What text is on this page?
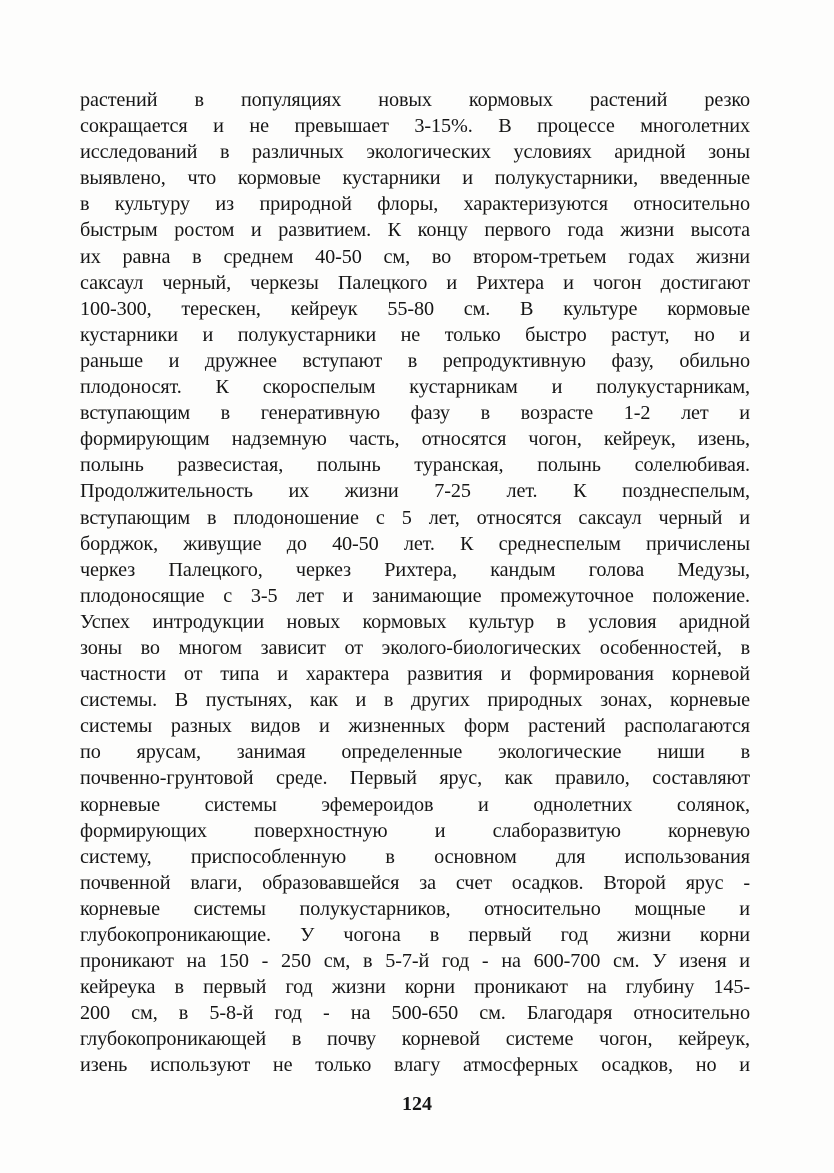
растений в популяциях новых кормовых растений резко
сокращается и не превышает 3-15%. В процессе многолетних
исследований в различных экологических условиях аридной зоны
выявлено, что кормовые кустарники и полукустарники, введенные
в культуру из природной флоры, характеризуются относительно
быстрым ростом и развитием. К концу первого года жизни высота
их равна в среднем 40-50 см, во втором-третьем годах жизни
саксаул черный, черкезы Палецкого и Рихтера и чогон достигают
100-300, терескен, кейреук 55-80 см. В культуре кормовые
кустарники и полукустарники не только быстро растут, но и
раньше и дружнее вступают в репродуктивную фазу, обильно
плодоносят. К скороспелым кустарникам и полукустарникам,
вступающим в генеративную фазу в возрасте 1-2 лет и
формирующим надземную часть, относятся чогон, кейреук, изень,
полынь развесистая, полынь туранская, полынь солелюбивая.
Продолжительность их жизни 7-25 лет. К позднеспелым,
вступающим в плодоношение с 5 лет, относятся саксаул черный и
борджок, живущие до 40-50 лет. К среднеспелым причислены
черкез Палецкого, черкез Рихтера, кандым голова Медузы,
плодоносящие с 3-5 лет и занимающие промежуточное положение.
Успех интродукции новых кормовых культур в условия аридной
зоны во многом зависит от эколого-биологических особенностей, в
частности от типа и характера развития и формирования корневой
системы. В пустынях, как и в других природных зонах, корневые
системы разных видов и жизненных форм растений располагаются
по ярусам, занимая определенные экологические ниши в
почвенно-грунтовой среде. Первый ярус, как правило, составляют
корневые системы эфемероидов и однолетних солянок,
формирующих поверхностную и слаборазвитую корневую
систему, приспособленную в основном для использования
почвенной влаги, образовавшейся за счет осадков. Второй ярус -
корневые системы полукустарников, относительно мощные и
глубокопроникающие. У чогона в первый год жизни корни
проникают на 150 - 250 см, в 5-7-й год - на 600-700 см. У изеня и
кейреука в первый год жизни корни проникают на глубину 145-
200 см, в 5-8-й год - на 500-650 см. Благодаря относительно
глубокопроникающей в почву корневой системе чогон, кейреук,
изень используют не только влагу атмосферных осадков, но и
124
